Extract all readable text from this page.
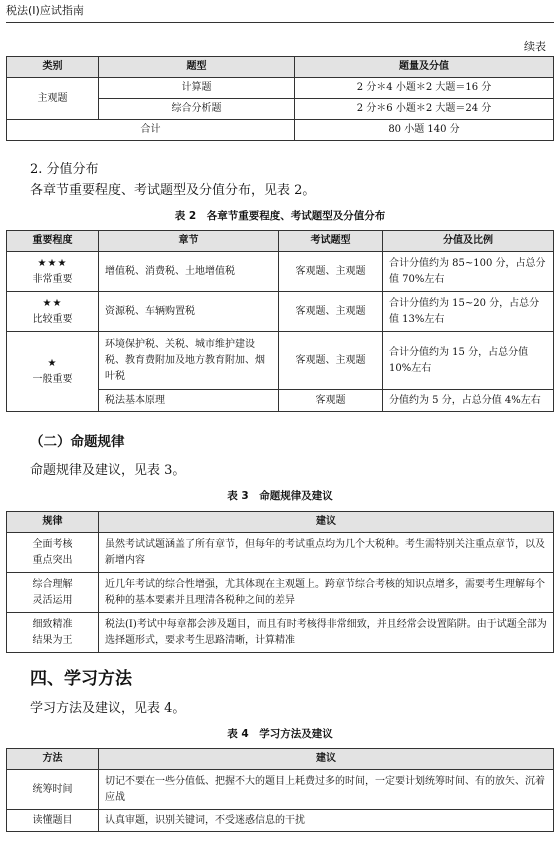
税法(Ⅰ)应试指南
续表
类别	题型	题量及分值
主观题	计算题	2 分＊4 小题＊2 大题＝16 分
	综合分析题	2 分＊6 小题＊2 大题＝24 分
合计		80 小题 140 分
2. 分值分布
各章节重要程度、考试题型及分值分布，见表 2。
表 2　各章节重要程度、考试题型及分值分布
重要程度	章节	考试题型	分值及比例

★★★
非常重要	增值税、消费税、土地增值税	客观题、主观题	合计分值约为 85~100 分，占总分值 70%左右

★★
比较重要	资源税、车辆购置税	客观题、主观题	合计分值约为 15~20 分，占总分值 13%左右

★
一般重要	环境保护税、关税、城市维护建设税、教育费附加及地方教育附加、烟叶税	客观题、主观题	合计分值约为 15 分，占总分值 10%左右
	税法基本原理	客观题	分值约为 5 分，占总分值 4%左右
（二）命题规律
命题规律及建议，见表 3。
表 3　命题规律及建议
规律	建议

全面考核
重点突出	虽然考试试题涵盖了所有章节，但每年的考试重点均为几个大税种。考生需特别关注重点章节，以及新增内容

综合理解
灵活运用	近几年考试的综合性增强，尤其体现在主观题上。跨章节综合考核的知识点增多，需要考生理解每个税种的基本要素并且理清各税种之间的差异

细致精准
结果为王	税法(Ⅰ)考试中每章都会涉及题目，而且有时考核得非常细致，并且经常会设置陷阱。由于试题全部为选择题形式，要求考生思路清晰，计算精准
四、学习方法
学习方法及建议，见表 4。
表 4　学习方法及建议
方法	建议
统筹时间	切记不要在一些分值低、把握不大的题目上耗费过多的时间，一定要计划统筹时间、有的放矢、沉着应战
读懂题目	认真审题，识别关键词，不受迷惑信息的干扰
